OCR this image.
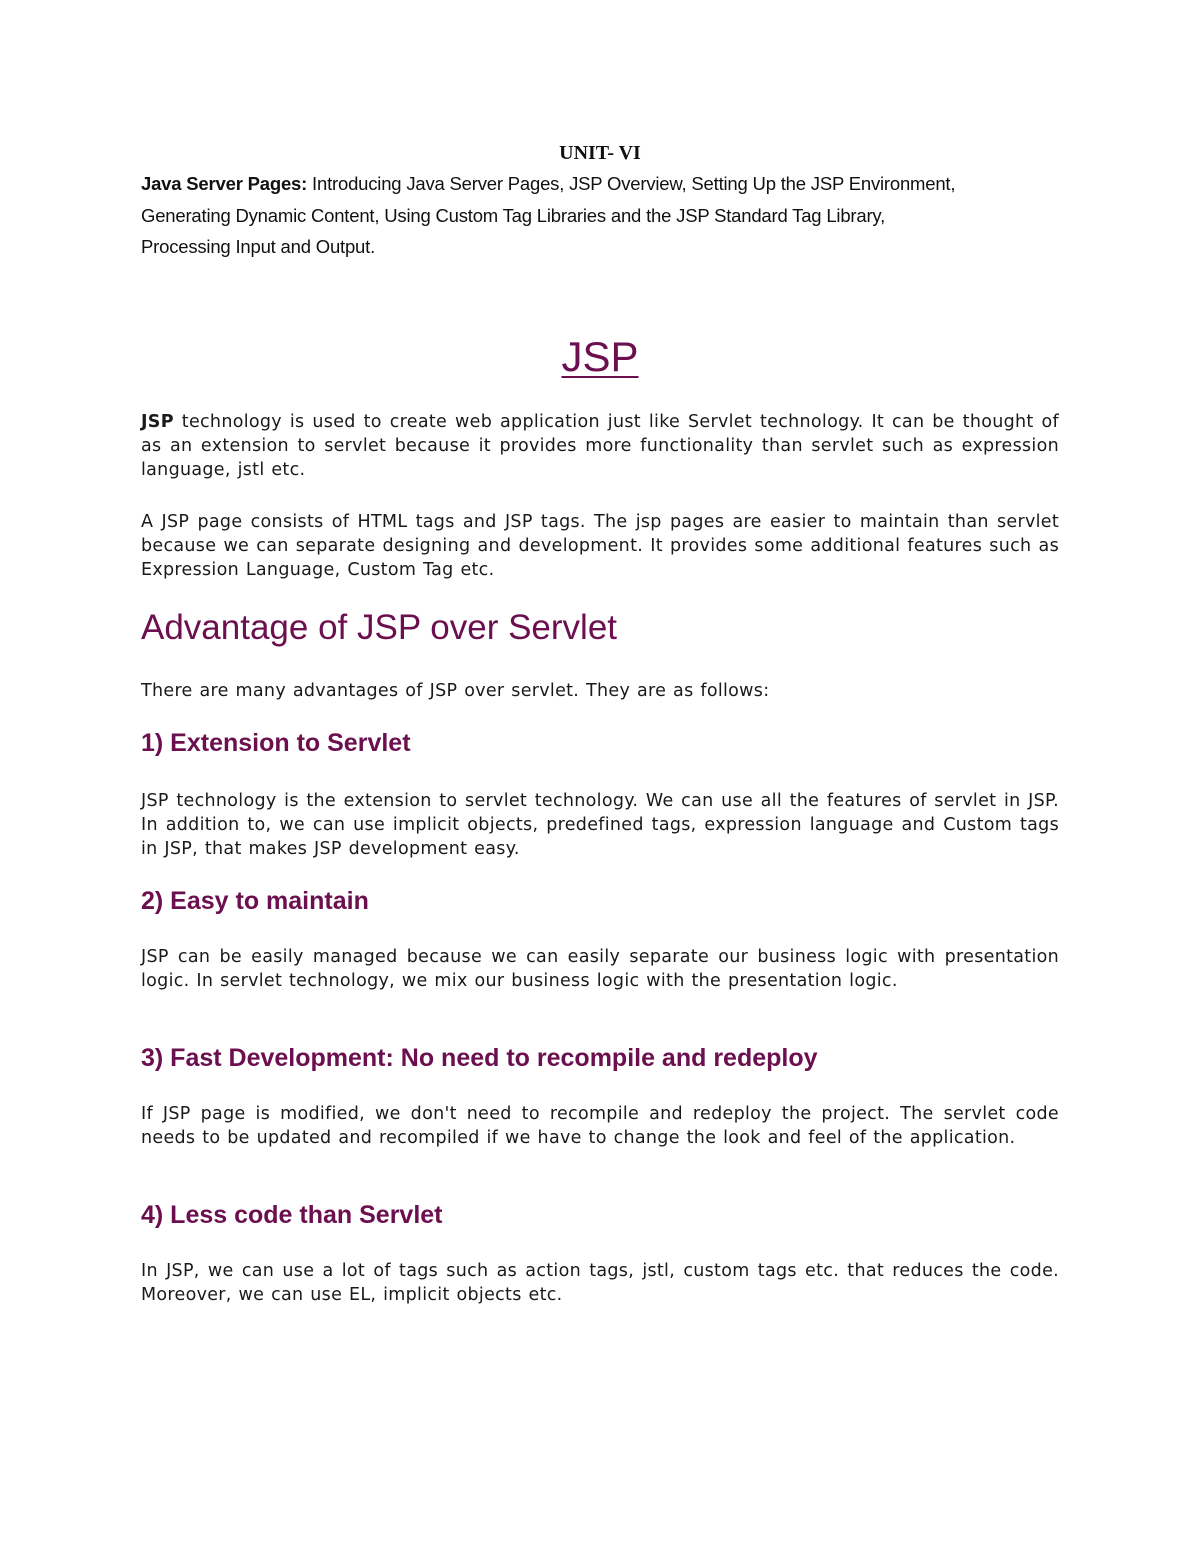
UNIT- VI
Java Server Pages: Introducing Java Server Pages, JSP Overview, Setting Up the JSP Environment,
Generating Dynamic Content, Using Custom Tag Libraries and the JSP Standard Tag Library,
Processing Input and Output.
JSP
JSP technology is used to create web application just like Servlet technology. It can be thought of as an extension to servlet because it provides more functionality than servlet such as expression language, jstl etc.
A JSP page consists of HTML tags and JSP tags. The jsp pages are easier to maintain than servlet because we can separate designing and development. It provides some additional features such as Expression Language, Custom Tag etc.
Advantage of JSP over Servlet
There are many advantages of JSP over servlet. They are as follows:
1) Extension to Servlet
JSP technology is the extension to servlet technology. We can use all the features of servlet in JSP. In addition to, we can use implicit objects, predefined tags, expression language and Custom tags in JSP, that makes JSP development easy.
2) Easy to maintain
JSP can be easily managed because we can easily separate our business logic with presentation logic. In servlet technology, we mix our business logic with the presentation logic.
3) Fast Development: No need to recompile and redeploy
If JSP page is modified, we don't need to recompile and redeploy the project. The servlet code needs to be updated and recompiled if we have to change the look and feel of the application.
4) Less code than Servlet
In JSP, we can use a lot of tags such as action tags, jstl, custom tags etc. that reduces the code. Moreover, we can use EL, implicit objects etc.
